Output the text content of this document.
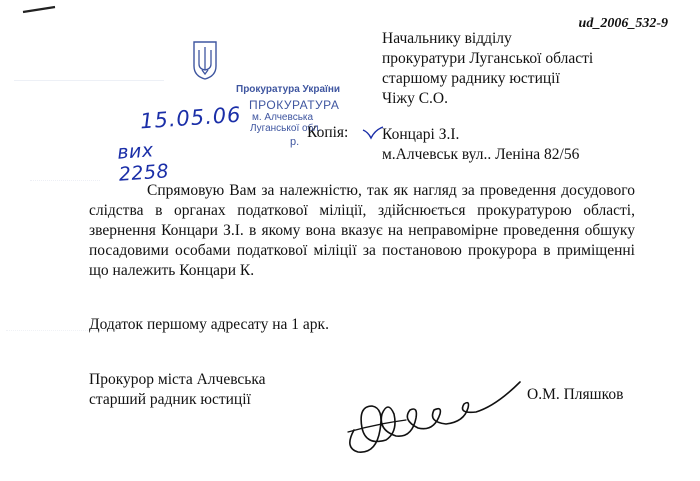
ud_2006_532-9
Начальнику відділу
прокуратури Луганської області
старшому раднику юстиції
Чіжу С.О.
Прокуратура України
ПРОКУРАТУРА
м. Алчевська
Луганської обл.
15.05.06
вих 2258
р.
Копія: Концарі З.І.
м.Алчевськ вул.. Леніна 82/56
Спрямовую Вам за належністю, так як нагляд за проведення досудового слідства в органах податкової міліції, здійснюється прокуратурою області, звернення Концари З.І. в якому вона вказує на неправомірне проведення обшуку посадовими особами податкової міліції за постановою прокурора в приміщенні що належить Концари К.
Додаток першому адресату на 1 арк.
Прокурор міста Алчевська
старший радник юстиції	О.М. Пляшков
